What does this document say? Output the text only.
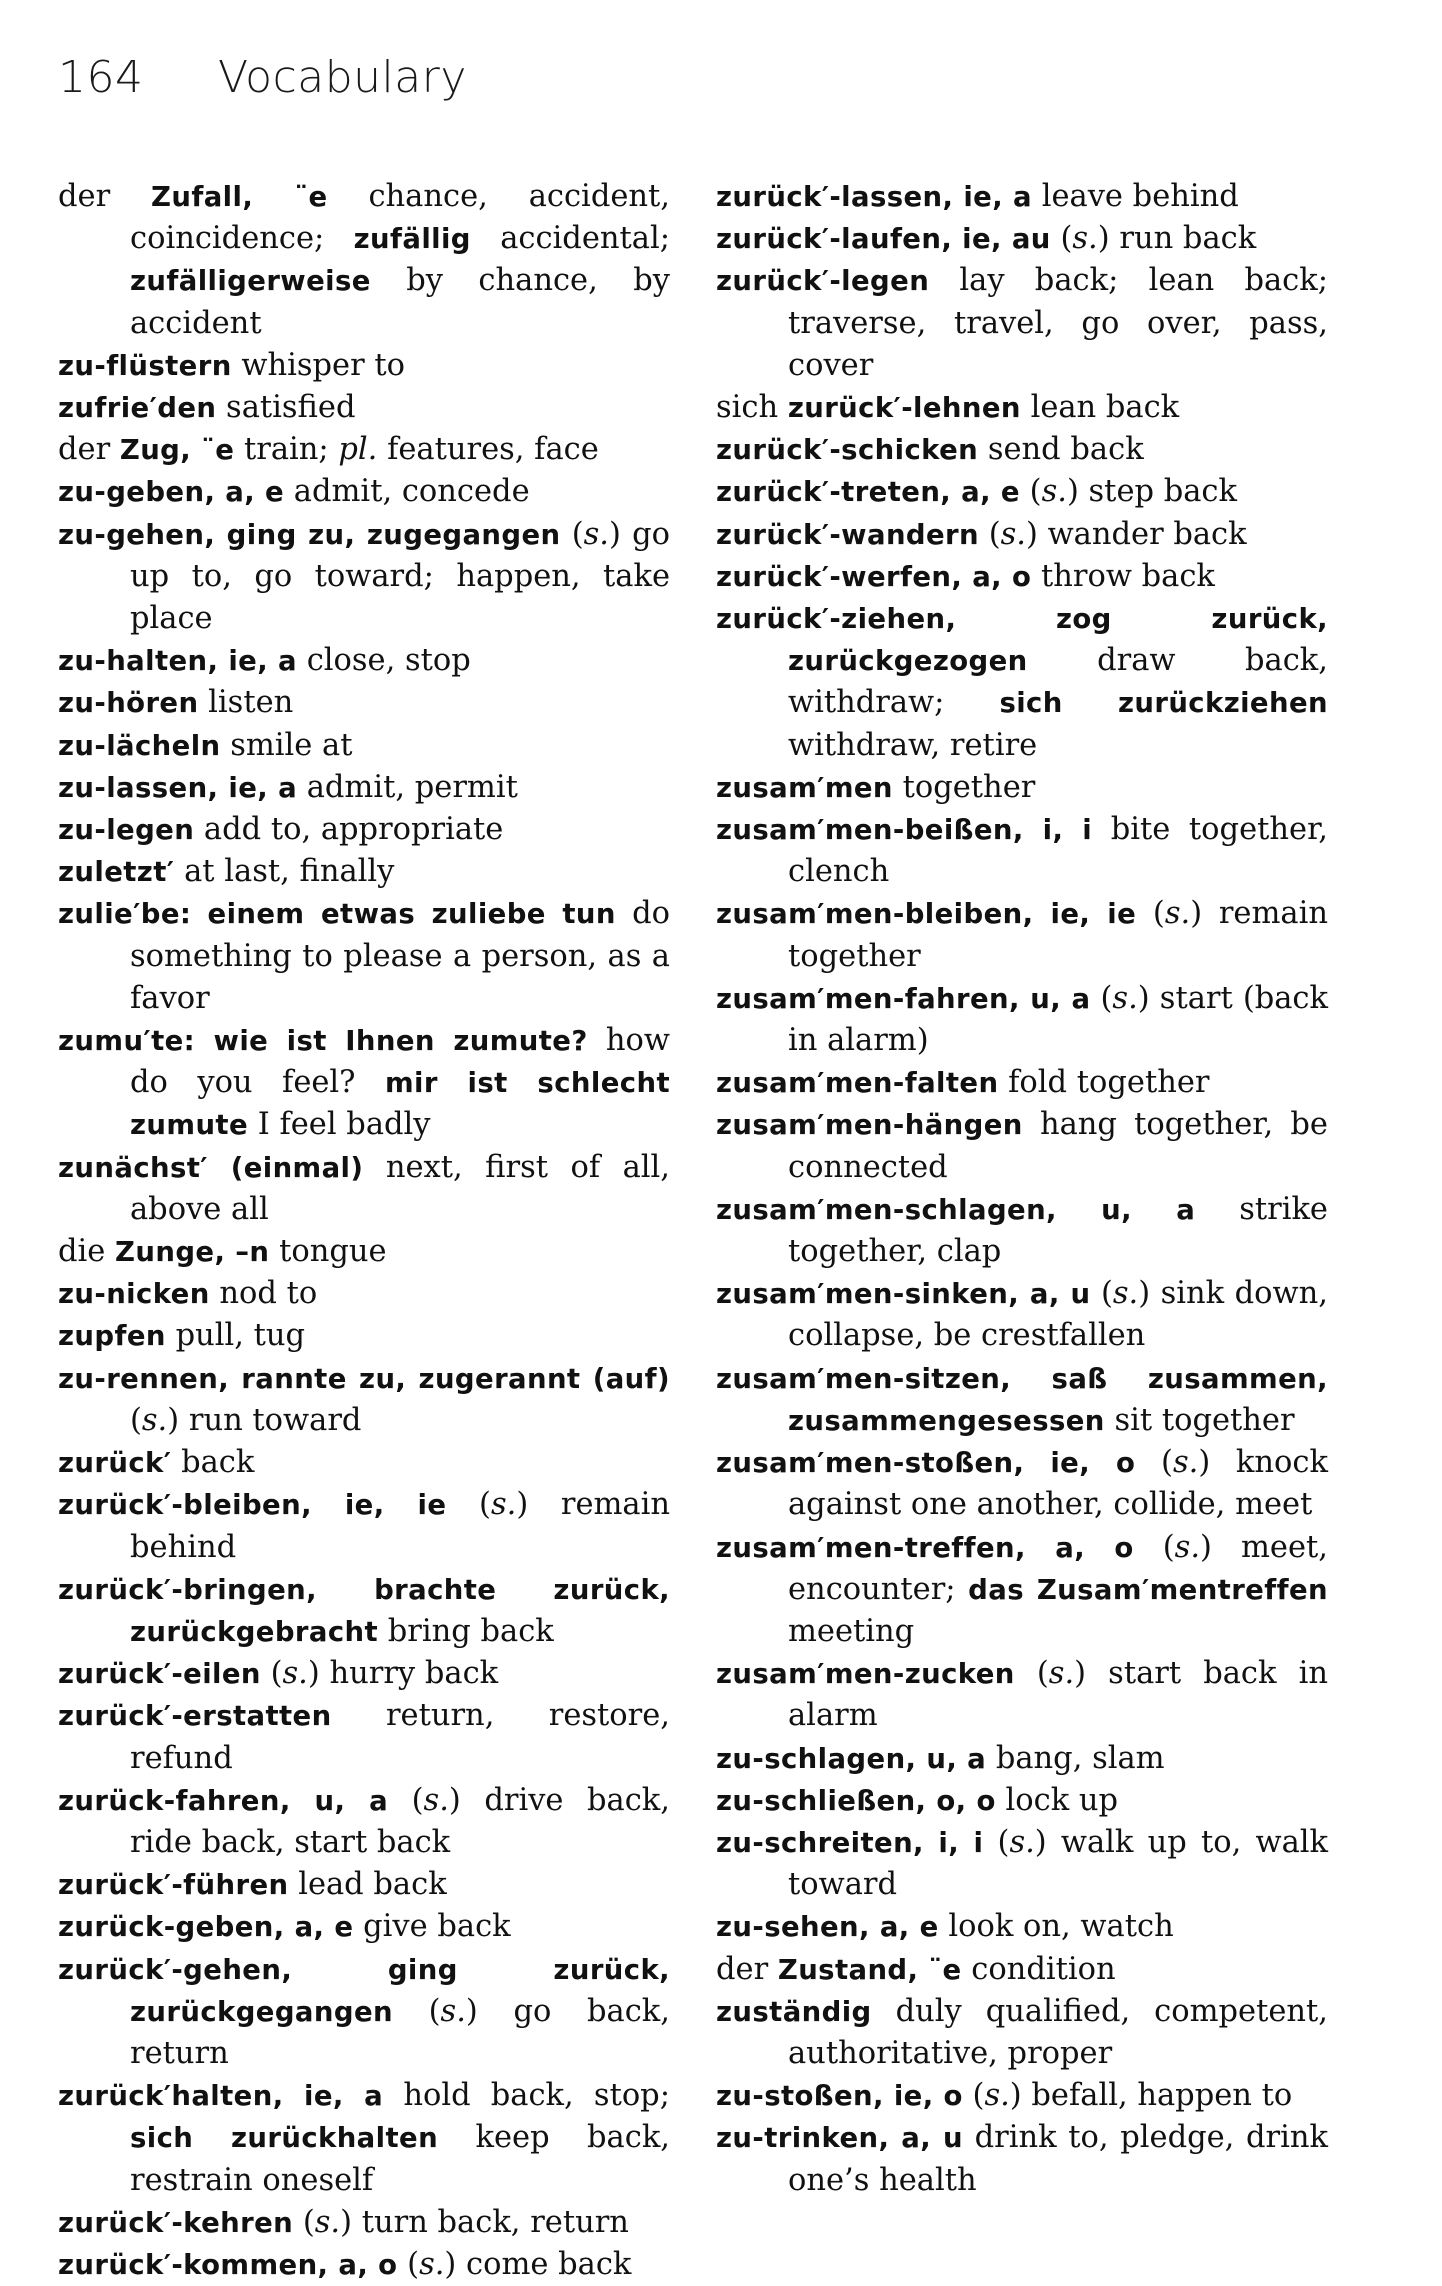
164 Vocabulary
der Zufall, ¨e chance, accident, coincidence; zufällig accidental; zufälligerweise by chance, by accident
zu-flüstern whisper to
zufrie′den satisfied
der Zug, ¨e train; pl. features, face
zu-geben, a, e admit, concede
zu-gehen, ging zu, zugegangen (s.) go up to, go toward; happen, take place
zu-halten, ie, a close, stop
zu-hören listen
zu-lächeln smile at
zu-lassen, ie, a admit, permit
zu-legen add to, appropriate
zuletzt′ at last, finally
zulie′be: einem etwas zuliebe tun do something to please a person, as a favor
zumu′te: wie ist Ihnen zumute? how do you feel? mir ist schlecht zumute I feel badly
zunächst′ (einmal) next, first of all, above all
die Zunge, –n tongue
zu-nicken nod to
zupfen pull, tug
zu-rennen, rannte zu, zugerannt (auf) (s.) run toward
zurück′ back
zurück′-bleiben, ie, ie (s.) remain behind
zurück′-bringen, brachte zurück, zurückgebracht bring back
zurück′-eilen (s.) hurry back
zurück′-erstatten return, restore, refund
zurück-fahren, u, a (s.) drive back, ride back, start back
zurück′-führen lead back
zurück-geben, a, e give back
zurück′-gehen, ging zurück, zurückgegangen (s.) go back, return
zurück′halten, ie, a hold back, stop; sich zurückhalten keep back, restrain oneself
zurück′-kehren (s.) turn back, return
zurück′-kommen, a, o (s.) come back
zurück′-lassen, ie, a leave behind
zurück′-laufen, ie, au (s.) run back
zurück′-legen lay back; lean back; traverse, travel, go over, pass, cover
sich zurück′-lehnen lean back
zurück′-schicken send back
zurück′-treten, a, e (s.) step back
zurück′-wandern (s.) wander back
zurück′-werfen, a, o throw back
zurück′-ziehen, zog zurück, zurückgezogen draw back, withdraw; sich zurückziehen withdraw, retire
zusam′men together
zusam′men-beißen, i, i bite together, clench
zusam′men-bleiben, ie, ie (s.) remain together
zusam′men-fahren, u, a (s.) start (back in alarm)
zusam′men-falten fold together
zusam′men-hängen hang together, be connected
zusam′men-schlagen, u, a strike together, clap
zusam′men-sinken, a, u (s.) sink down, collapse, be crestfallen
zusam′men-sitzen, saß zusammen, zusammengesessen sit together
zusam′men-stoßen, ie, o (s.) knock against one another, collide, meet
zusam′men-treffen, a, o (s.) meet, encounter; das Zusam′mentreffen meeting
zusam′men-zucken (s.) start back in alarm
zu-schlagen, u, a bang, slam
zu-schließen, o, o lock up
zu-schreiten, i, i (s.) walk up to, walk toward
zu-sehen, a, e look on, watch
der Zustand, ¨e condition
zuständig duly qualified, competent, authoritative, proper
zu-stoßen, ie, o (s.) befall, happen to
zu-trinken, a, u drink to, pledge, drink one’s health
